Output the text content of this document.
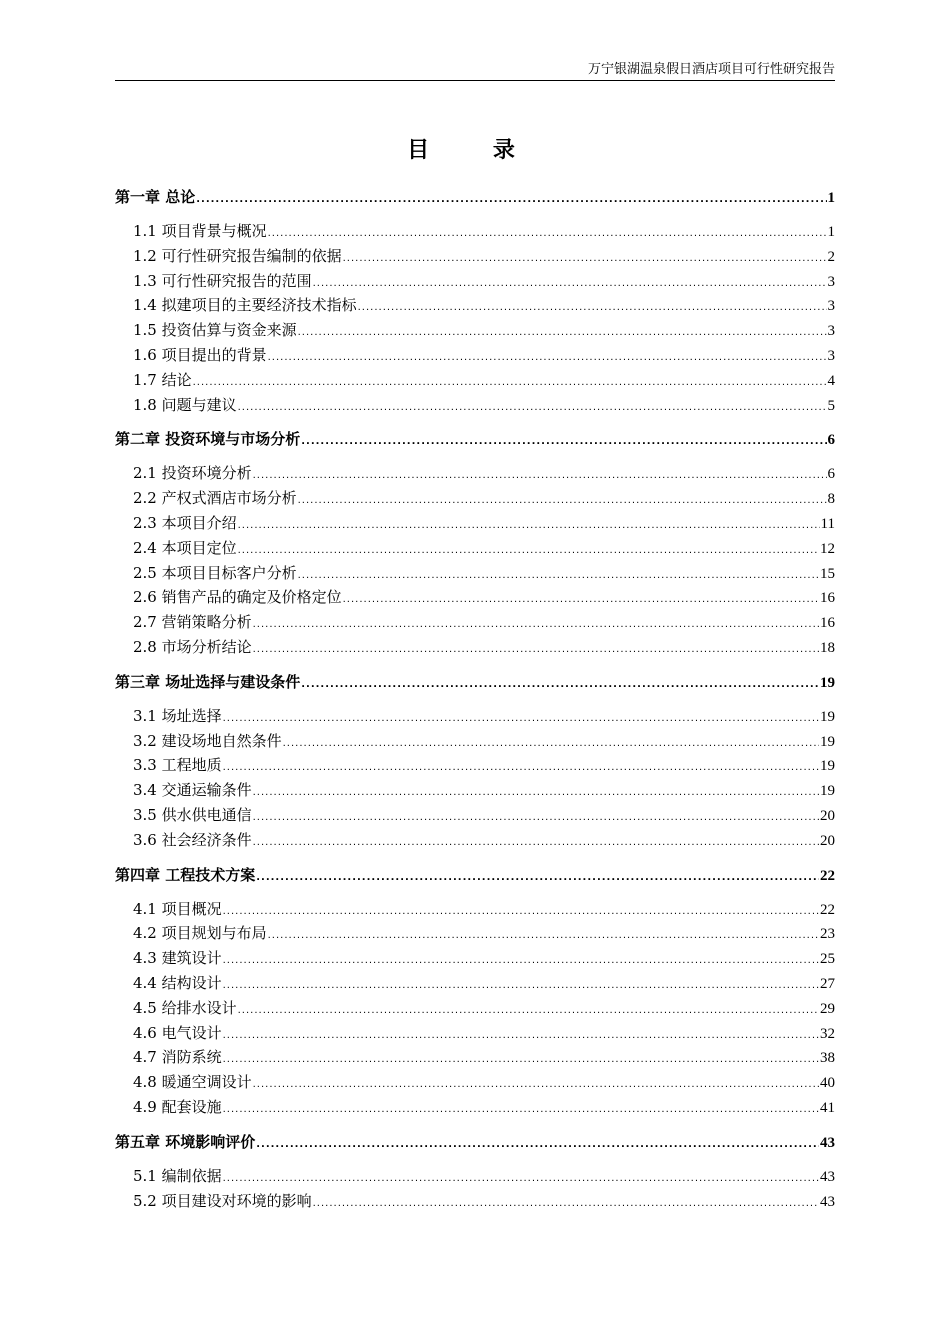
万宁银湖温泉假日酒店项目可行性研究报告
目 录
第一章 总论 .....	1
1.1 项目背景与概况 .....	1
1.2 可行性研究报告编制的依据 .....	2
1.3 可行性研究报告的范围 .....	3
1.4 拟建项目的主要经济技术指标 .....	3
1.5 投资估算与资金来源 .....	3
1.6 项目提出的背景 .....	3
1.7 结论 .....	4
1.8 问题与建议 .....	5
第二章 投资环境与市场分析 .....	6
2.1 投资环境分析 .....	6
2.2 产权式酒店市场分析 .....	8
2.3 本项目介绍 .....	11
2.4 本项目定位 .....	12
2.5 本项目目标客户分析 .....	15
2.6 销售产品的确定及价格定位 .....	16
2.7 营销策略分析 .....	16
2.8 市场分析结论 .....	18
第三章 场址选择与建设条件 .....	19
3.1 场址选择 .....	19
3.2 建设场地自然条件 .....	19
3.3 工程地质 .....	19
3.4 交通运输条件 .....	19
3.5 供水供电通信 .....	20
3.6 社会经济条件 .....	20
第四章 工程技术方案 .....	22
4.1 项目概况 .....	22
4.2 项目规划与布局 .....	23
4.3 建筑设计 .....	25
4.4 结构设计 .....	27
4.5 给排水设计 .....	29
4.6 电气设计 .....	32
4.7 消防系统 .....	38
4.8 暖通空调设计 .....	40
4.9 配套设施 .....	41
第五章 环境影响评价 .....	43
5.1 编制依据 .....	43
5.2 项目建设对环境的影响 .....	43
